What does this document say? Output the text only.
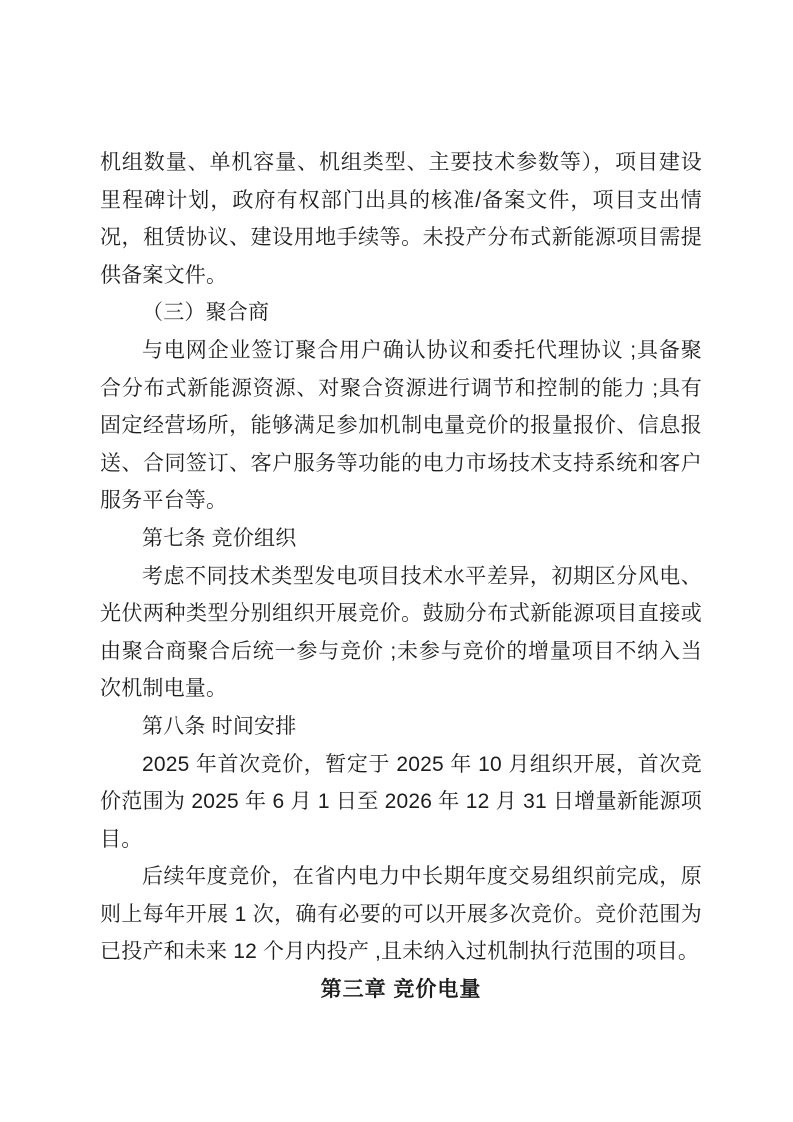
机组数量、单机容量、机组类型、主要技术参数等），项目建设里程碑计划，政府有权部门出具的核准/备案文件，项目支出情况，租赁协议、建设用地手续等。未投产分布式新能源项目需提供备案文件。

（三）聚合商

与电网企业签订聚合用户确认协议和委托代理协议 ;具备聚合分布式新能源资源、对聚合资源进行调节和控制的能力 ;具有固定经营场所，能够满足参加机制电量竞价的报量报价、信息报送、合同签订、客户服务等功能的电力市场技术支持系统和客户服务平台等。

第七条 竞价组织

考虑不同技术类型发电项目技术水平差异，初期区分风电、光伏两种类型分别组织开展竞价。鼓励分布式新能源项目直接或由聚合商聚合后统一参与竞价 ;未参与竞价的增量项目不纳入当次机制电量。

第八条 时间安排

2025 年首次竞价，暂定于 2025 年 10 月组织开展，首次竞价范围为 2025 年 6 月 1 日至 2026 年 12 月 31 日增量新能源项目。

后续年度竞价，在省内电力中长期年度交易组织前完成，原则上每年开展 1 次，确有必要的可以开展多次竞价。竞价范围为已投产和未来 12 个月内投产 ,且未纳入过机制执行范围的项目。

第三章 竞价电量
